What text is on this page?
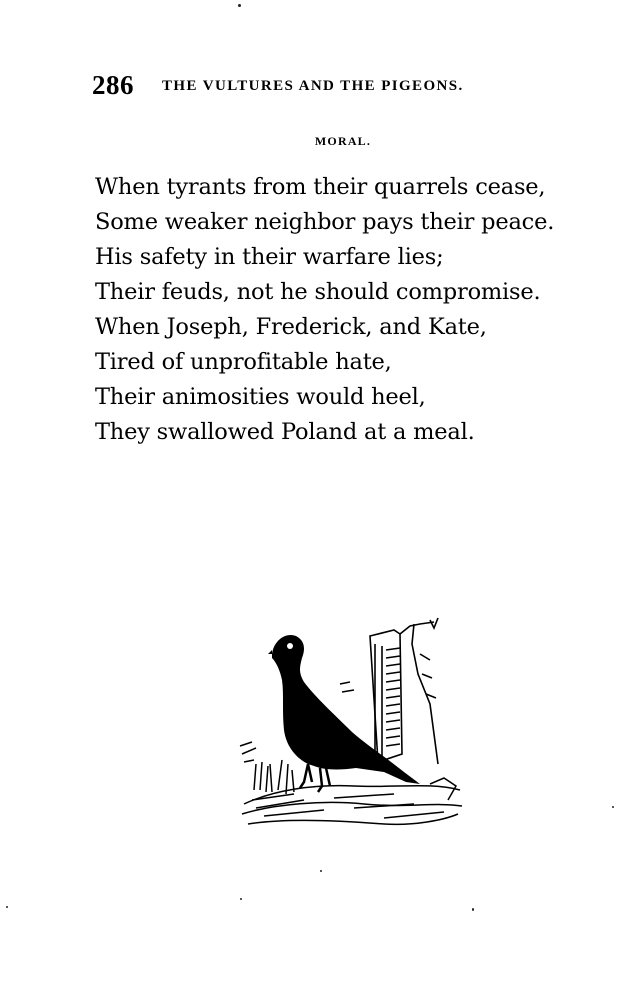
286 THE VULTURES AND THE PIGEONS.
MORAL.
When tyrants from their quarrels cease,
Some weaker neighbor pays their peace.
His safety in their warfare lies;
Their feuds, not he should compromise.
When Joseph, Frederick, and Kate,
Tired of unprofitable hate,
Their animosities would heel,
They swallowed Poland at a meal.
